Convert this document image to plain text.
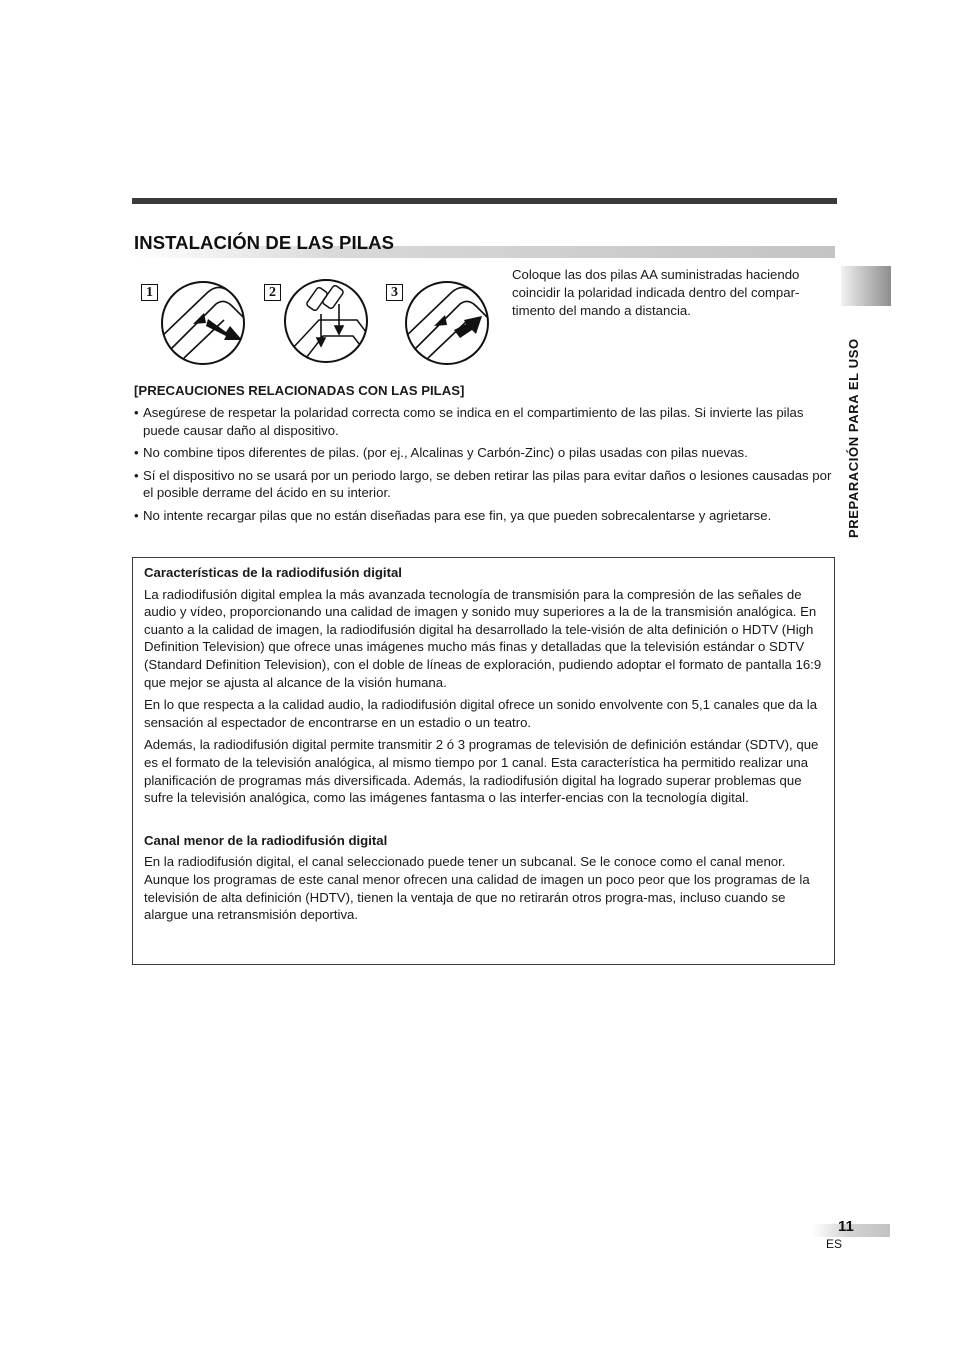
INSTALACIÓN DE LAS PILAS
PREPARACIÓN PARA EL USO
1	2	3

Coloque las dos pilas AA suministradas haciendo coincidir la polaridad indicada dentro del compar-timento del mando a distancia.

[PRECAUCIONES RELACIONADAS CON LAS PILAS]
• Asegúrese de respetar la polaridad correcta como se indica en el compartimiento de las pilas. Si invierte las pilas puede causar daño al dispositivo.
• No combine tipos diferentes de pilas. (por ej., Alcalinas y Carbón-Zinc) o pilas usadas con pilas nuevas.
• Sí el dispositivo no se usará por un periodo largo, se deben retirar las pilas para evitar daños o lesiones causadas por el posible derrame del ácido en su interior.
• No intente recargar pilas que no están diseñadas para ese fin, ya que pueden sobrecalentarse y agrietarse.

Características de la radiodifusión digital

La radiodifusión digital emplea la más avanzada tecnología de transmisión para la compresión de las señales de audio y vídeo, proporcionando una calidad de imagen y sonido muy superiores a la de la transmisión analógica. En cuanto a la calidad de imagen, la radiodifusión digital ha desarrollado la tele-visión de alta definición o HDTV (High Definition Television) que ofrece unas imágenes mucho más finas y detalladas que la televisión estándar o SDTV (Standard Definition Television), con el doble de líneas de exploración, pudiendo adoptar el formato de pantalla 16:9 que mejor se ajusta al alcance de la visión humana.

En lo que respecta a la calidad audio, la radiodifusión digital ofrece un sonido envolvente con 5,1 canales que da la sensación al espectador de encontrarse en un estadio o un teatro.

Además, la radiodifusión digital permite transmitir 2 ó 3 programas de televisión de definición estándar (SDTV), que es el formato de la televisión analógica, al mismo tiempo por 1 canal. Esta característica ha permitido realizar una planificación de programas más diversificada. Además, la radiodifusión digital ha logrado superar problemas que sufre la televisión analógica, como las imágenes fantasma o las interfer-encias con la tecnología digital.

Canal menor de la radiodifusión digital

En la radiodifusión digital, el canal seleccionado puede tener un subcanal. Se le conoce como el canal menor. Aunque los programas de este canal menor ofrecen una calidad de imagen un poco peor que los programas de la televisión de alta definición (HDTV), tienen la ventaja de que no retirarán otros progra-mas, incluso cuando se alargue una retransmisión deportiva.

11
ES
